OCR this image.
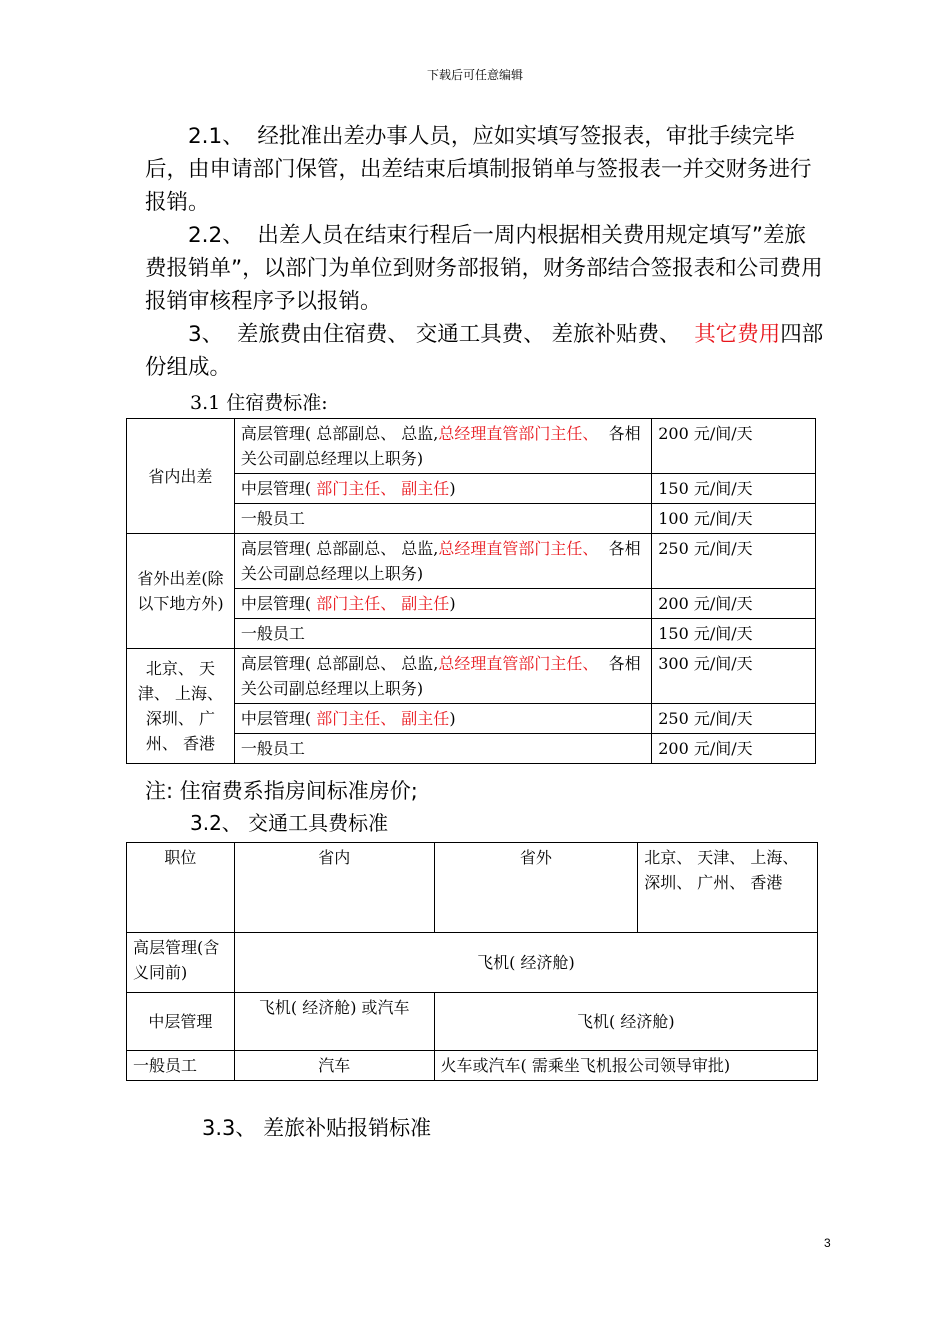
下载后可任意编辑

2.1、 经批准出差办事人员，应如实填写签报表，审批手续完毕后，由申请部门保管，出差结束后填制报销单与签报表一并交财务进行报销。

2.2、 出差人员在结束行程后一周内根据相关费用规定填写”差旅费报销单”，以部门为单位到财务部报销，财务部结合签报表和公司费用报销审核程序予以报销。

3、 差旅费由住宿费、 交通工具费、 差旅补贴费、 其它费用四部份组成。

3.1 住宿费标准:
省内出差	高层管理( 总部副总、 总监,总经理直管部门主任、 各相关公司副总经理以上职务)	200 元/间/天
	中层管理( 部门主任、 副主任)	150 元/间/天
	一般员工	100 元/间/天
省外出差(除以下地方外)	高层管理( 总部副总、 总监,总经理直管部门主任、 各相关公司副总经理以上职务)	250 元/间/天
	中层管理( 部门主任、 副主任)	200 元/间/天
	一般员工	150 元/间/天
北京、 天津、 上海、 深圳、 广州、 香港	高层管理( 总部副总、 总监,总经理直管部门主任、 各相关公司副总经理以上职务)	300 元/间/天
	中层管理( 部门主任、 副主任)	250 元/间/天
	一般员工	200 元/间/天
注: 住宿费系指房间标准房价;
3.2、 交通工具费标准
职位	省内	省外	北京、 天津、 上海、 深圳、 广州、 香港
高层管理(含义同前)	飞机( 经济舱)		
中层管理	飞机( 经济舱) 或汽车	飞机( 经济舱)	
一般员工	汽车	火车或汽车( 需乘坐飞机报公司领导审批)	
3.3、 差旅补贴报销标准
3
